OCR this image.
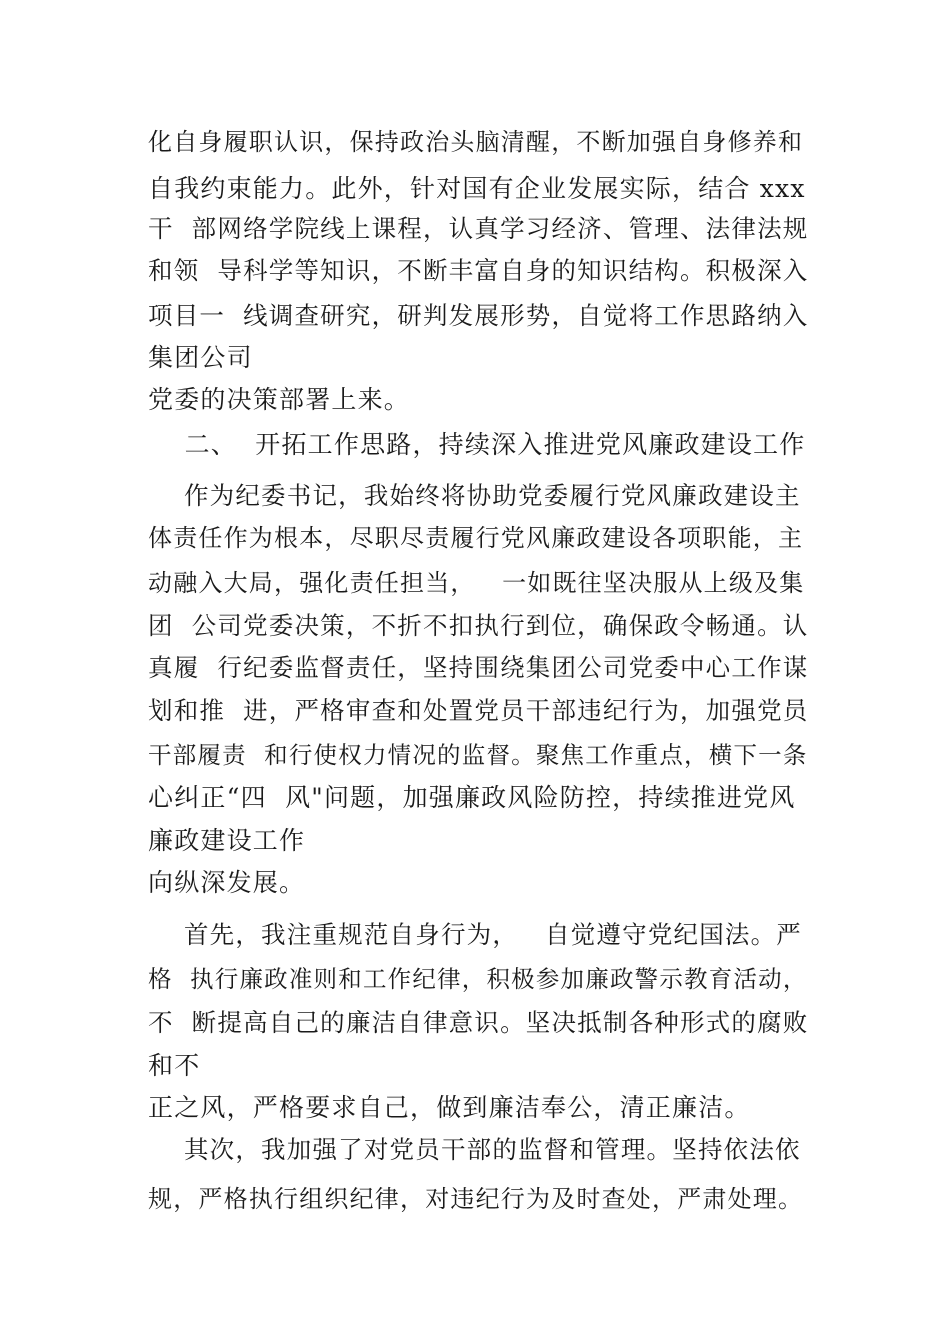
化自身履职认识，保持政治头脑清醒，不断加强自身修养和
自我约束能力。此外，针对国有企业发展实际，结合 xxx
干  部网络学院线上课程，认真学习经济、管理、法律法规
和领  导科学等知识，不断丰富自身的知识结构。积极深入
项目一  线调查研究，研判发展形势，自觉将工作思路纳入
集团公司
党委的决策部署上来。
二、  开拓工作思路，持续深入推进党风廉政建设工作
作为纪委书记，我始终将协助党委履行党风廉政建设主
体责任作为根本，尽职尽责履行党风廉政建设各项职能，主
动融入大局，强化责任担当，   一如既往坚决服从上级及集
团  公司党委决策，不折不扣执行到位，确保政令畅通。认
真履  行纪委监督责任，坚持围绕集团公司党委中心工作谋
划和推  进，严格审查和处置党员干部违纪行为，加强党员
干部履责  和行使权力情况的监督。聚焦工作重点，横下一条
心纠正“四  风"问题，加强廉政风险防控，持续推进党风
廉政建设工作
向纵深发展。
首先，我注重规范自身行为，   自觉遵守党纪国法。严
格  执行廉政准则和工作纪律，积极参加廉政警示教育活动，
不  断提高自己的廉洁自律意识。坚决抵制各种形式的腐败
和不
正之风，严格要求自己，做到廉洁奉公，清正廉洁。
其次，我加强了对党员干部的监督和管理。坚持依法依
规，严格执行组织纪律，对违纪行为及时查处，严肃处理。
